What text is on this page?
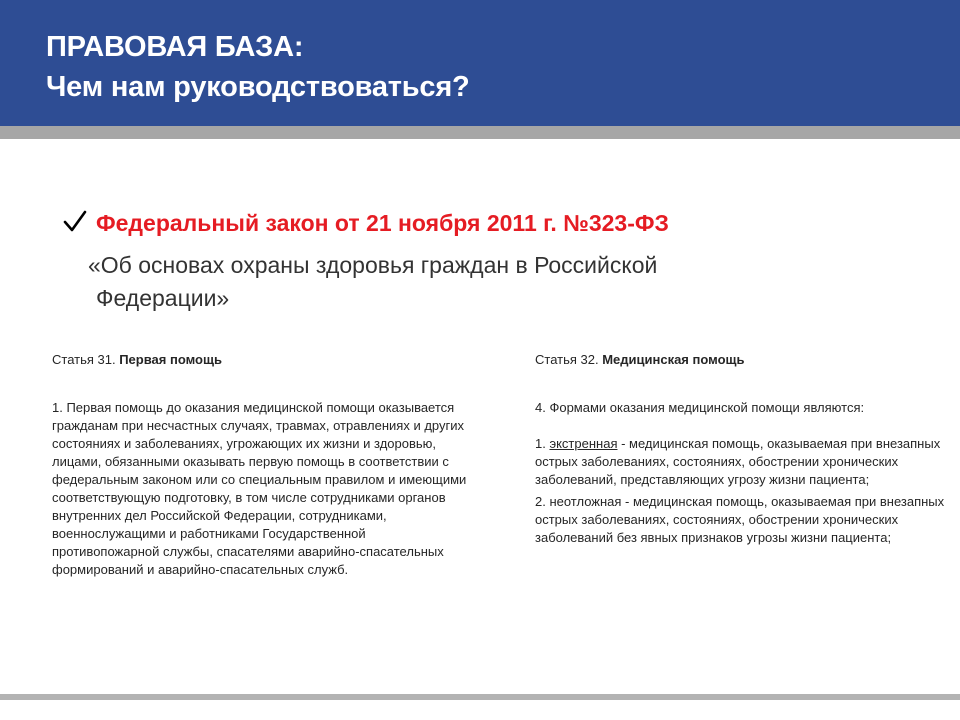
ПРАВОВАЯ БАЗА:
Чем нам руководствоваться?
Федеральный закон от 21 ноября 2011 г. №323-ФЗ
«Об основах охраны здоровья граждан в Российской
Федерации»

Статья 31. Первая помощь

1. Первая помощь до оказания медицинской помощи оказывается гражданам при несчастных случаях, травмах, отравлениях и других состояниях и заболеваниях, угрожающих их жизни и здоровью, лицами, обязанными оказывать первую помощь в соответствии с федеральным законом или со специальным правилом и имеющими соответствующую подготовку, в том числе сотрудниками органов внутренних дел Российской Федерации, сотрудниками, военнослужащими и работниками Государственной противопожарной службы, спасателями аварийно-спасательных формирований и аварийно-спасательных служб.

Статья 32. Медицинская помощь

4. Формами оказания медицинской помощи являются:

1. экстренная - медицинская помощь, оказываемая при внезапных острых заболеваниях, состояниях, обострении хронических заболеваний, представляющих угрозу жизни пациента;

2. неотложная - медицинская помощь, оказываемая при внезапных острых заболеваниях, состояниях, обострении хронических заболеваний без явных признаков угрозы жизни пациента;
